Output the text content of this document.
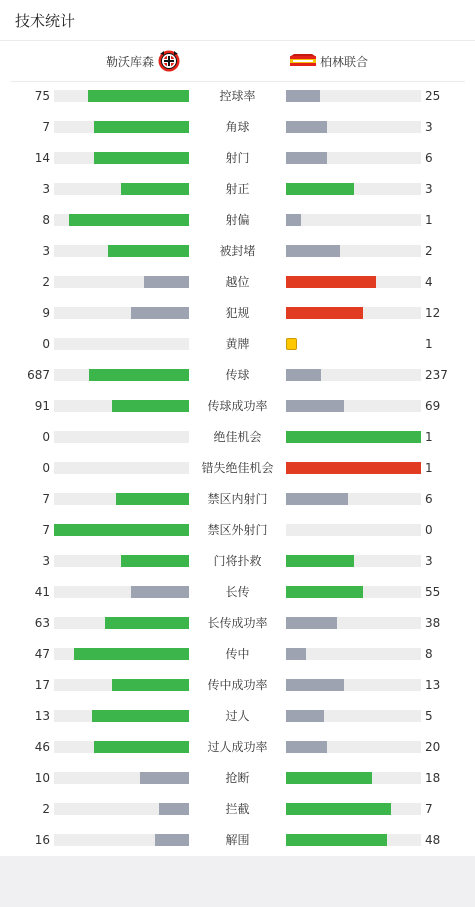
技术统计
勒沃库森	柏林联合
75	控球率	25
7	角球	3
14	射门	6
3	射正	3
8	射偏	1
3	被封堵	2
2	越位	4
9	犯规	12
0	黄牌	1
687	传球	237
91	传球成功率	69
0	绝佳机会	1
0	错失绝佳机会	1
7	禁区内射门	6
7	禁区外射门	0
3	门将扑救	3
41	长传	55
63	长传成功率	38
47	传中	8
17	传中成功率	13
13	过人	5
46	过人成功率	20
10	抢断	18
2	拦截	7
16	解围	48
